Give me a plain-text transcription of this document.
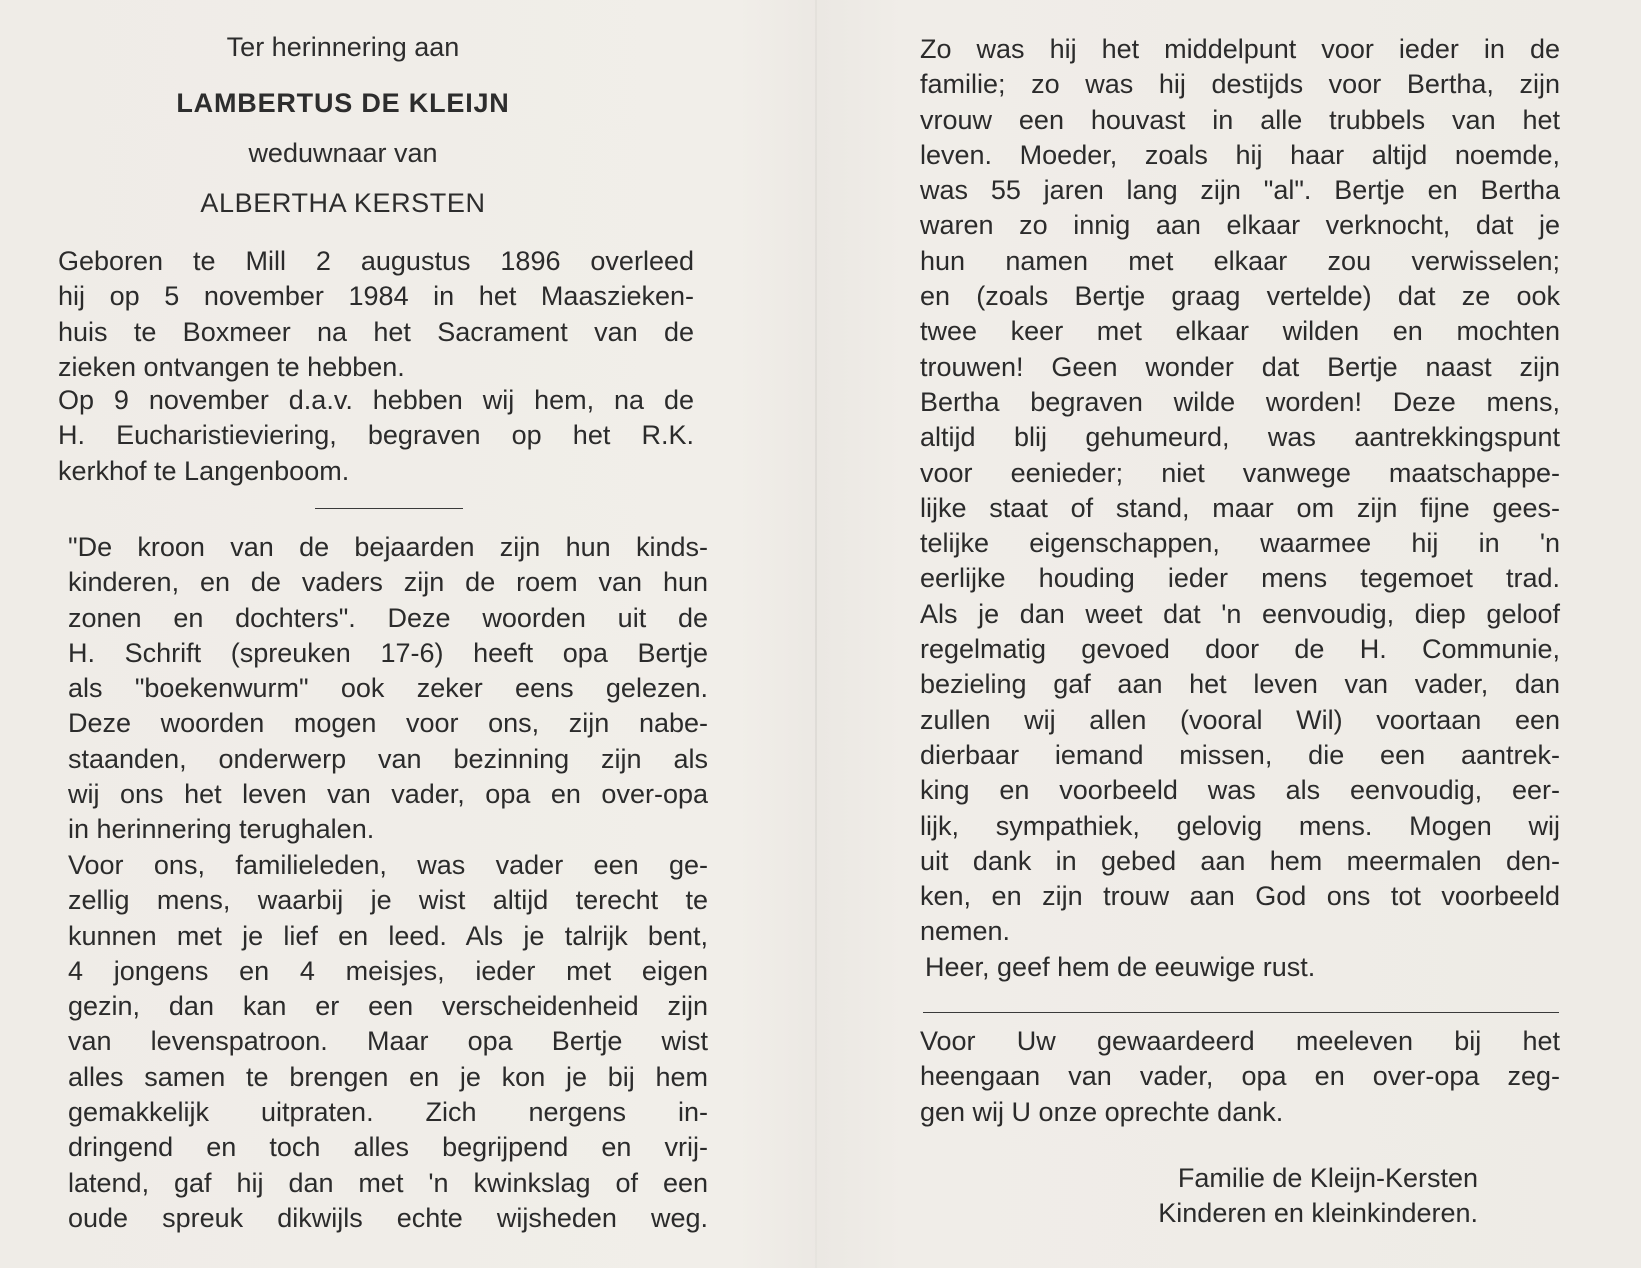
Ter herinnering aan
LAMBERTUS DE KLEIJN
weduwnaar van
ALBERTHA KERSTEN
Geboren te Mill 2 augustus 1896 overleed
hij op 5 november 1984 in het Maaszieken-
huis te Boxmeer na het Sacrament van de
zieken ontvangen te hebben.
Op 9 november d.a.v. hebben wij hem, na de
H. Eucharistieviering, begraven op het R.K.
kerkhof te Langenboom.
"De kroon van de bejaarden zijn hun kinds-
kinderen, en de vaders zijn de roem van hun
zonen en dochters". Deze woorden uit de
H. Schrift (spreuken 17-6) heeft opa Bertje
als "boekenwurm" ook zeker eens gelezen.
Deze woorden mogen voor ons, zijn nabe-
staanden, onderwerp van bezinning zijn als
wij ons het leven van vader, opa en over-opa
in herinnering terughalen.
Voor ons, familieleden, was vader een ge-
zellig mens, waarbij je wist altijd terecht te
kunnen met je lief en leed. Als je talrijk bent,
4 jongens en 4 meisjes, ieder met eigen
gezin, dan kan er een verscheidenheid zijn
van levenspatroon. Maar opa Bertje wist
alles samen te brengen en je kon je bij hem
gemakkelijk uitpraten. Zich nergens in-
dringend en toch alles begrijpend en vrij-
latend, gaf hij dan met 'n kwinkslag of een
oude spreuk dikwijls echte wijsheden weg.
Zo was hij het middelpunt voor ieder in de
familie; zo was hij destijds voor Bertha, zijn
vrouw een houvast in alle trubbels van het
leven. Moeder, zoals hij haar altijd noemde,
was 55 jaren lang zijn "al". Bertje en Bertha
waren zo innig aan elkaar verknocht, dat je
hun namen met elkaar zou verwisselen;
en (zoals Bertje graag vertelde) dat ze ook
twee keer met elkaar wilden en mochten
trouwen! Geen wonder dat Bertje naast zijn
Bertha begraven wilde worden! Deze mens,
altijd blij gehumeurd, was aantrekkingspunt
voor eenieder; niet vanwege maatschappe-
lijke staat of stand, maar om zijn fijne gees-
telijke eigenschappen, waarmee hij in 'n
eerlijke houding ieder mens tegemoet trad.
Als je dan weet dat 'n eenvoudig, diep geloof
regelmatig gevoed door de H. Communie,
bezieling gaf aan het leven van vader, dan
zullen wij allen (vooral Wil) voortaan een
dierbaar iemand missen, die een aantrek-
king en voorbeeld was als eenvoudig, eer-
lijk, sympathiek, gelovig mens. Mogen wij
uit dank in gebed aan hem meermalen den-
ken, en zijn trouw aan God ons tot voorbeeld
nemen.
Heer, geef hem de eeuwige rust.
Voor Uw gewaardeerd meeleven bij het
heengaan van vader, opa en over-opa zeg-
gen wij U onze oprechte dank.
Familie de Kleijn-Kersten
Kinderen en kleinkinderen.
